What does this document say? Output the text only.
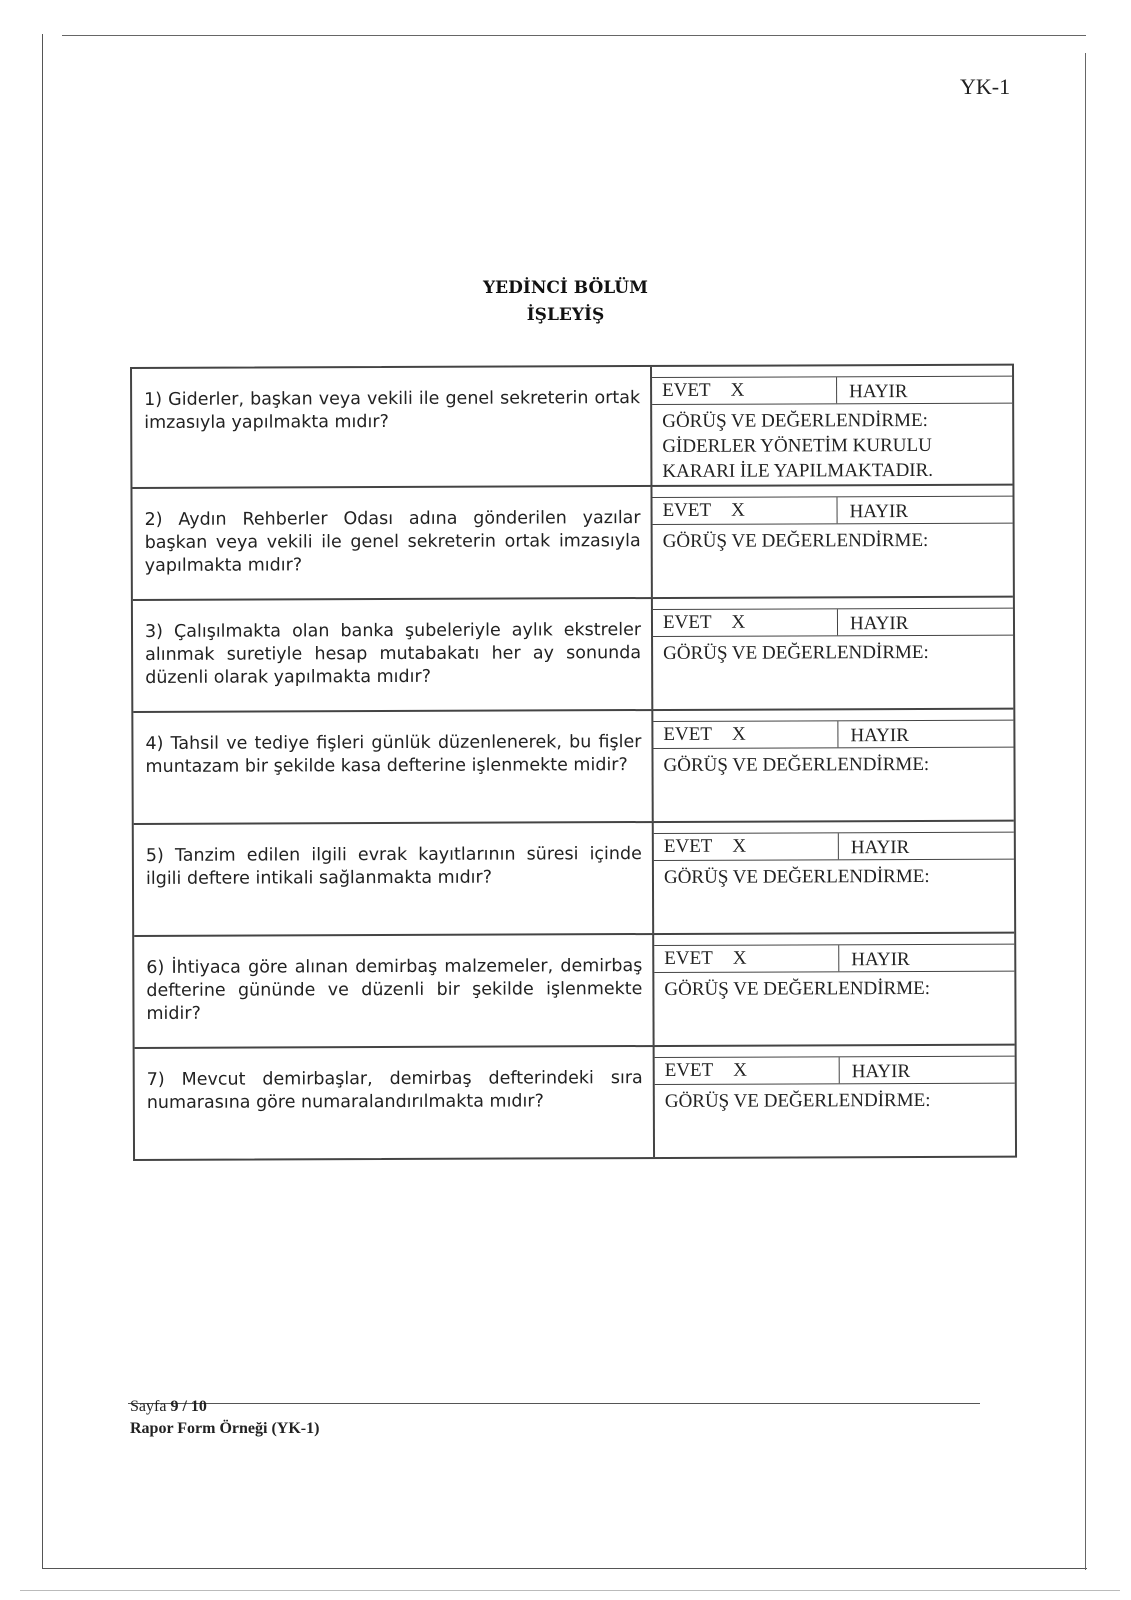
YK-1
YEDİNCİ BÖLÜM
İŞLEYİŞ
1) Giderler, başkan veya vekili ile genel sekreterin ortak imzasıyla yapılmakta mıdır?
EVET X	HAYIR
GÖRÜŞ VE DEĞERLENDİRME:
GİDERLER YÖNETİM KURULU KARARI İLE YAPILMAKTADIR.
2) Aydın Rehberler Odası adına gönderilen yazılar başkan veya vekili ile genel sekreterin ortak imzasıyla yapılmakta mıdır?
EVET X	HAYIR
GÖRÜŞ VE DEĞERLENDİRME:
3) Çalışılmakta olan banka şubeleriyle aylık ekstreler alınmak suretiyle hesap mutabakatı her ay sonunda düzenli olarak yapılmakta mıdır?
EVET X	HAYIR
GÖRÜŞ VE DEĞERLENDİRME:
4) Tahsil ve tediye fişleri günlük düzenlenerek, bu fişler muntazam bir şekilde kasa defterine işlenmekte midir?
EVET X	HAYIR
GÖRÜŞ VE DEĞERLENDİRME:
5) Tanzim edilen ilgili evrak kayıtlarının süresi içinde ilgili deftere intikali sağlanmakta mıdır?
EVET X	HAYIR
GÖRÜŞ VE DEĞERLENDİRME:
6) İhtiyaca göre alınan demirbaş malzemeler, demirbaş defterine gününde ve düzenli bir şekilde işlenmekte midir?
EVET X	HAYIR
GÖRÜŞ VE DEĞERLENDİRME:
7) Mevcut demirbaşlar, demirbaş defterindeki sıra numarasına göre numaralandırılmakta mıdır?
EVET X	HAYIR
GÖRÜŞ VE DEĞERLENDİRME:
Sayfa 9 / 10
Rapor Form Örneği (YK-1)
